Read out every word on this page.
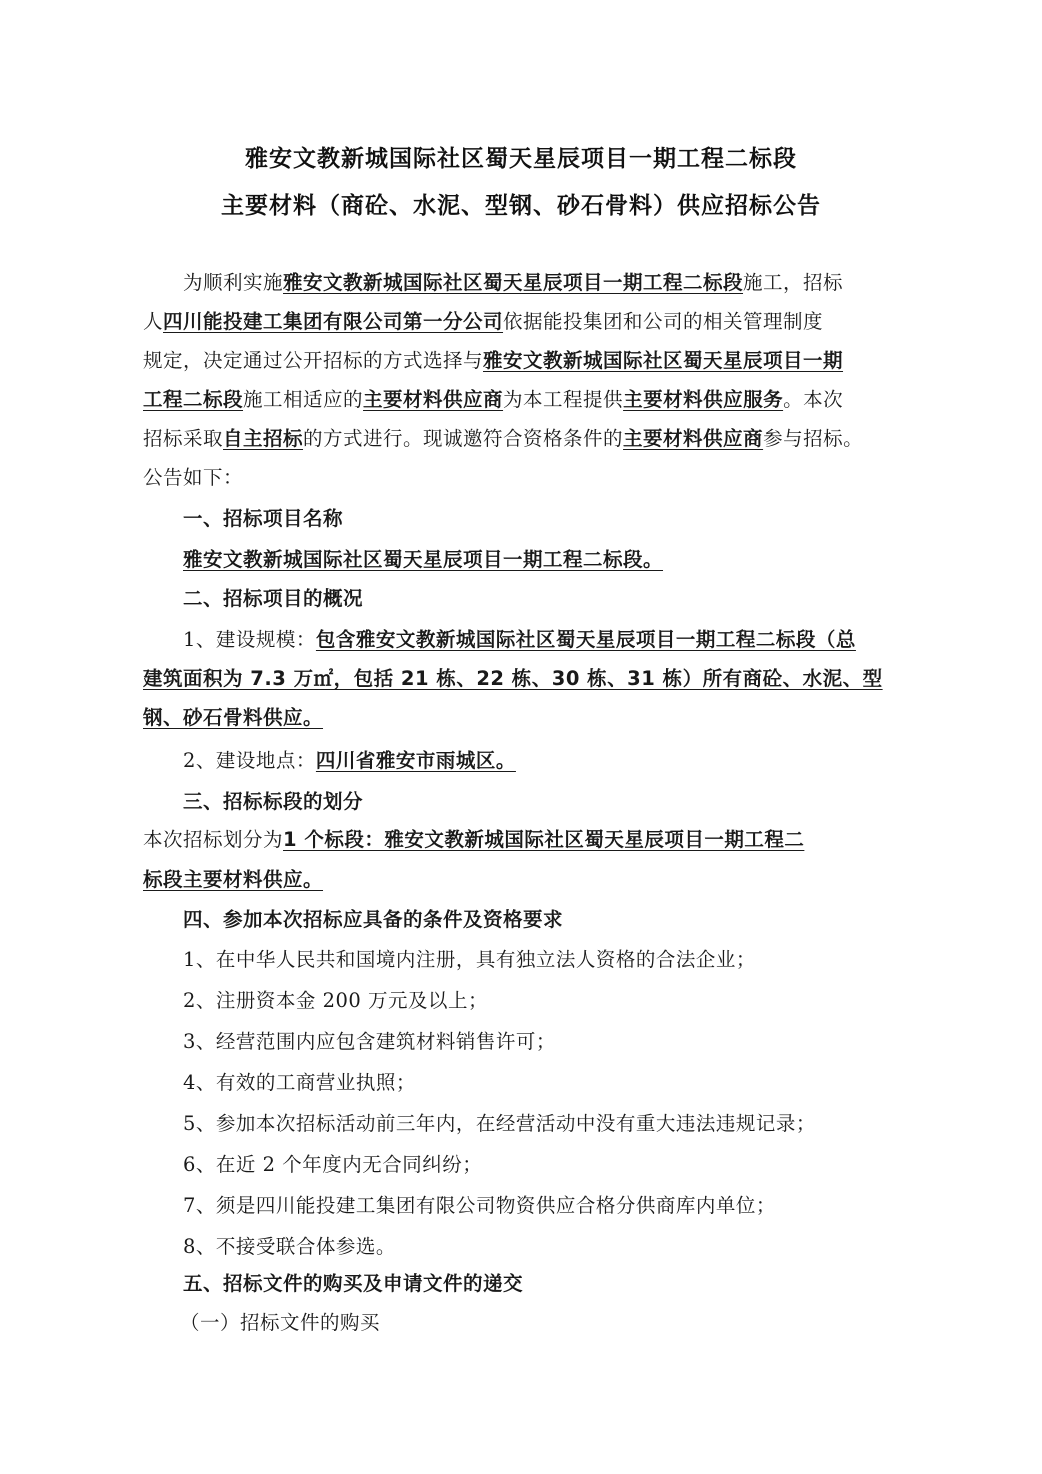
雅安文教新城国际社区蜀天星辰项目一期工程二标段
主要材料（商砼、水泥、型钢、砂石骨料）供应招标公告
为顺利实施雅安文教新城国际社区蜀天星辰项目一期工程二标段施工，招标
人四川能投建工集团有限公司第一分公司依据能投集团和公司的相关管理制度
规定，决定通过公开招标的方式选择与雅安文教新城国际社区蜀天星辰项目一期
工程二标段施工相适应的主要材料供应商为本工程提供主要材料供应服务。本次
招标采取自主招标的方式进行。现诚邀符合资格条件的主要材料供应商参与招标。
公告如下：
一、招标项目名称
雅安文教新城国际社区蜀天星辰项目一期工程二标段。
二、招标项目的概况
1、建设规模：包含雅安文教新城国际社区蜀天星辰项目一期工程二标段（总
建筑面积为 7.3 万㎡，包括 21 栋、22 栋、30 栋、31 栋）所有商砼、水泥、型
钢、砂石骨料供应。
2、建设地点：四川省雅安市雨城区。
三、招标标段的划分
本次招标划分为1 个标段：雅安文教新城国际社区蜀天星辰项目一期工程二
标段主要材料供应。
四、参加本次招标应具备的条件及资格要求
1、在中华人民共和国境内注册，具有独立法人资格的合法企业；
2、注册资本金 200 万元及以上；
3、经营范围内应包含建筑材料销售许可；
4、有效的工商营业执照；
5、参加本次招标活动前三年内，在经营活动中没有重大违法违规记录；
6、在近 2 个年度内无合同纠纷；
7、须是四川能投建工集团有限公司物资供应合格分供商库内单位；
8、不接受联合体参选。
五、招标文件的购买及申请文件的递交
（一）招标文件的购买
